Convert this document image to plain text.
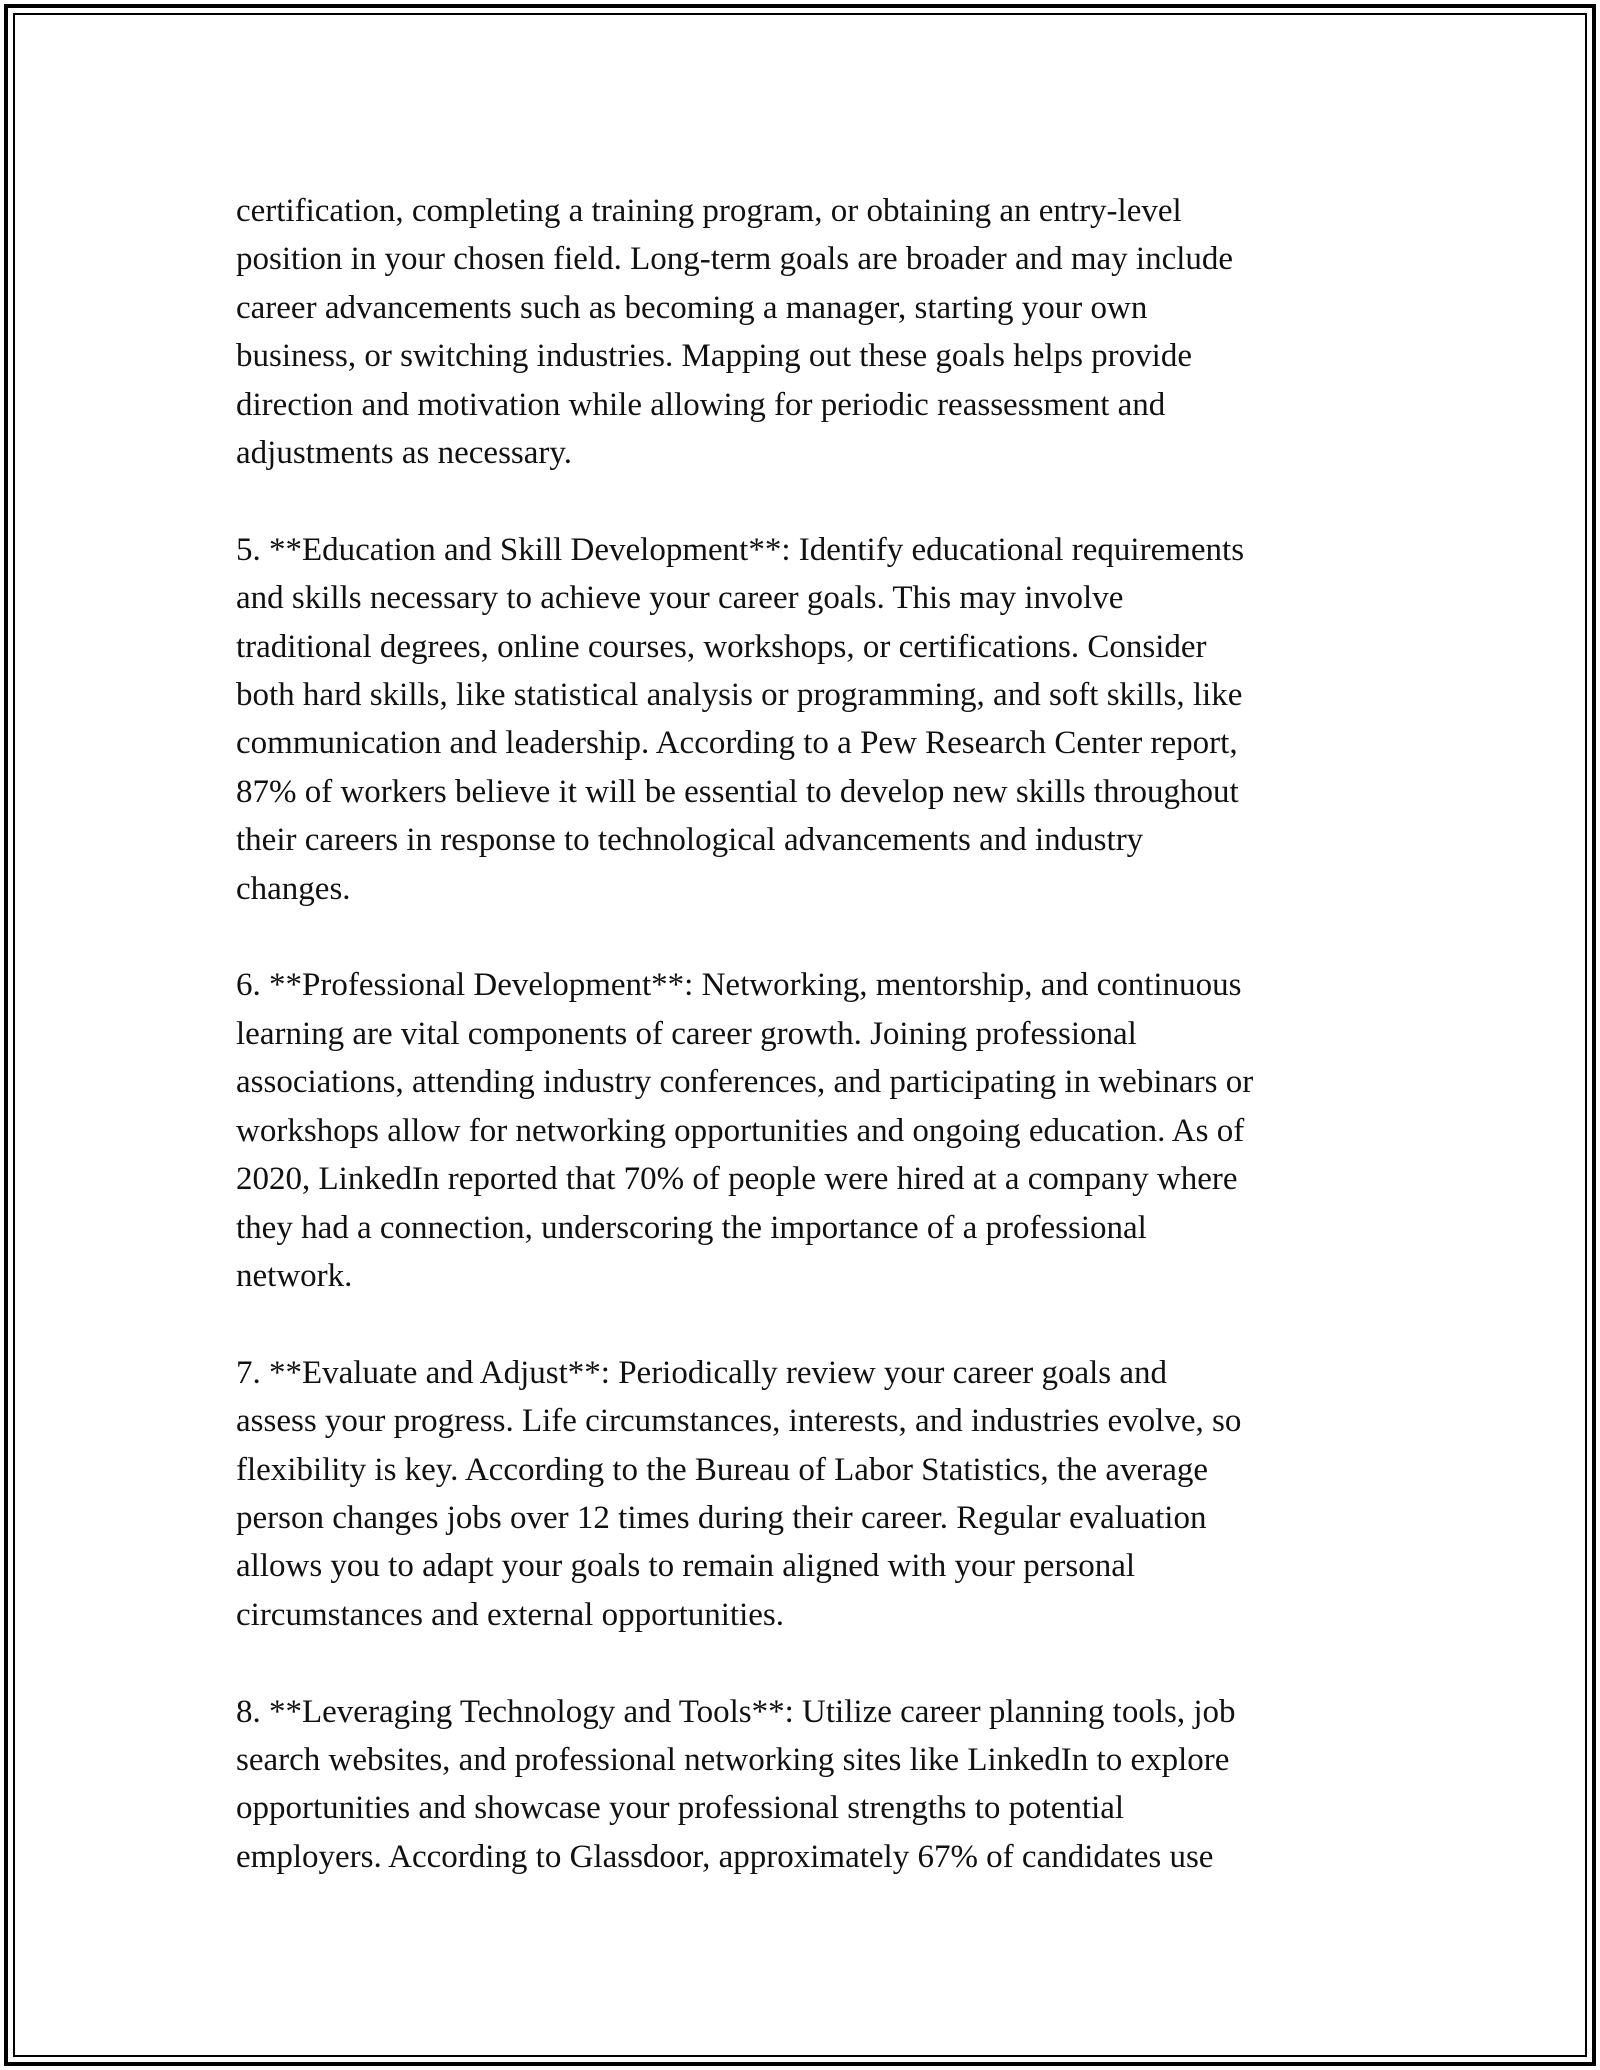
certification, completing a training program, or obtaining an entry-level
position in your chosen field. Long-term goals are broader and may include
career advancements such as becoming a manager, starting your own
business, or switching industries. Mapping out these goals helps provide
direction and motivation while allowing for periodic reassessment and
adjustments as necessary.

5. **Education and Skill Development**: Identify educational requirements
and skills necessary to achieve your career goals. This may involve
traditional degrees, online courses, workshops, or certifications. Consider
both hard skills, like statistical analysis or programming, and soft skills, like
communication and leadership. According to a Pew Research Center report,
87% of workers believe it will be essential to develop new skills throughout
their careers in response to technological advancements and industry
changes.

6. **Professional Development**: Networking, mentorship, and continuous
learning are vital components of career growth. Joining professional
associations, attending industry conferences, and participating in webinars or
workshops allow for networking opportunities and ongoing education. As of
2020, LinkedIn reported that 70% of people were hired at a company where
they had a connection, underscoring the importance of a professional
network.

7. **Evaluate and Adjust**: Periodically review your career goals and
assess your progress. Life circumstances, interests, and industries evolve, so
flexibility is key. According to the Bureau of Labor Statistics, the average
person changes jobs over 12 times during their career. Regular evaluation
allows you to adapt your goals to remain aligned with your personal
circumstances and external opportunities.

8. **Leveraging Technology and Tools**: Utilize career planning tools, job
search websites, and professional networking sites like LinkedIn to explore
opportunities and showcase your professional strengths to potential
employers. According to Glassdoor, approximately 67% of candidates use
